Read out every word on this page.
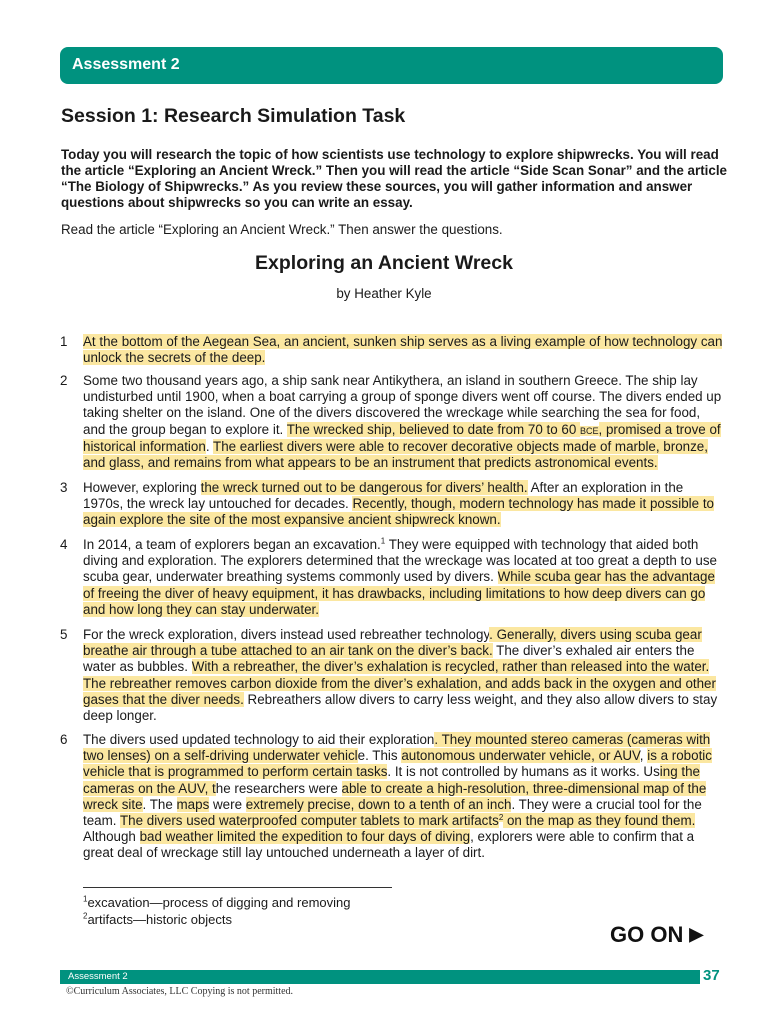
Assessment 2
Session 1: Research Simulation Task

Today you will research the topic of how scientists use technology to explore shipwrecks. You will read the article “Exploring an Ancient Wreck.” Then you will read the article “Side Scan Sonar” and the article “The Biology of Shipwrecks.” As you review these sources, you will gather information and answer questions about shipwrecks so you can write an essay.

Read the article “Exploring an Ancient Wreck.” Then answer the questions.

Exploring an Ancient Wreck

by Heather Kyle

1	At the bottom of the Aegean Sea, an ancient, sunken ship serves as a living example of how technology can unlock the secrets of the deep.
2	Some two thousand years ago, a ship sank near Antikythera, an island in southern Greece. The ship lay undisturbed until 1900, when a boat carrying a group of sponge divers went off course. The divers ended up taking shelter on the island. One of the divers discovered the wreckage while searching the sea for food, and the group began to explore it. The wrecked ship, believed to date from 70 to 60 BCE, promised a trove of historical information. The earliest divers were able to recover decorative objects made of marble, bronze, and glass, and remains from what appears to be an instrument that predicts astronomical events.
3	However, exploring the wreck turned out to be dangerous for divers’ health. After an exploration in the 1970s, the wreck lay untouched for decades. Recently, though, modern technology has made it possible to again explore the site of the most expansive ancient shipwreck known.
4	In 2014, a team of explorers began an excavation.$^1$ They were equipped with technology that aided both diving and exploration. The explorers determined that the wreckage was located at too great a depth to use scuba gear, underwater breathing systems commonly used by divers. While scuba gear has the advantage of freeing the diver of heavy equipment, it has drawbacks, including limitations to how deep divers can go and how long they can stay underwater.
5	For the wreck exploration, divers instead used rebreather technology. Generally, divers using scuba gear breathe air through a tube attached to an air tank on the diver’s back. The diver’s exhaled air enters the water as bubbles. With a rebreather, the diver’s exhalation is recycled, rather than released into the water. The rebreather removes carbon dioxide from the diver’s exhalation, and adds back in the oxygen and other gases that the diver needs. Rebreathers allow divers to carry less weight, and they also allow divers to stay deep longer.
6	The divers used updated technology to aid their exploration. They mounted stereo cameras (cameras with two lenses) on a self-driving underwater vehicle. This autonomous underwater vehicle, or AUV, is a robotic vehicle that is programmed to perform certain tasks. It is not controlled by humans as it works. Using the cameras on the AUV, the researchers were able to create a high-resolution, three-dimensional map of the wreck site. The maps were extremely precise, down to a tenth of an inch. They were a crucial tool for the team. The divers used waterproofed computer tablets to mark artifacts$^2$ on the map as they found them. Although bad weather limited the expedition to four days of diving, explorers were able to confirm that a great deal of wreckage still lay untouched underneath a layer of dirt.
$^1$excavation—process of digging and removing
$^2$artifacts—historic objects
GO ON ▶
Assessment 2	37
©Curriculum Associates, LLC Copying is not permitted.
